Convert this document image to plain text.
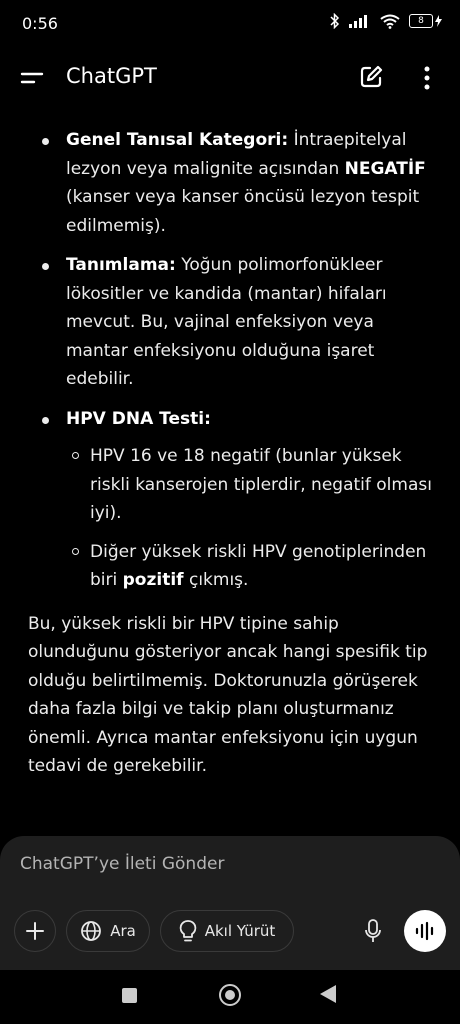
0:56	8
ChatGPT
Genel Tanısal Kategori: İntraepitelyal lezyon veya malignite açısından NEGATİF (kanser veya kanser öncüsü lezyon tespit edilmemiş).
Tanımlama: Yoğun polimorfonükleer lökositler ve kandida (mantar) hifaları mevcut. Bu, vajinal enfeksiyon veya mantar enfeksiyonu olduğuna işaret edebilir.
HPV DNA Testi:
HPV 16 ve 18 negatif (bunlar yüksek riskli kanserojen tiplerdir, negatif olması iyi).
Diğer yüksek riskli HPV genotiplerinden biri pozitif çıkmış.

Bu, yüksek riskli bir HPV tipine sahip olunduğunu gösteriyor ancak hangi spesifik tip olduğu belirtilmemiş. Doktorunuzla görüşerek daha fazla bilgi ve takip planı oluşturmanız önemli. Ayrıca mantar enfeksiyonu için uygun tedavi de gerekebilir.

ChatGPT’ye İleti Gönder
Ara	Akıl Yürüt
